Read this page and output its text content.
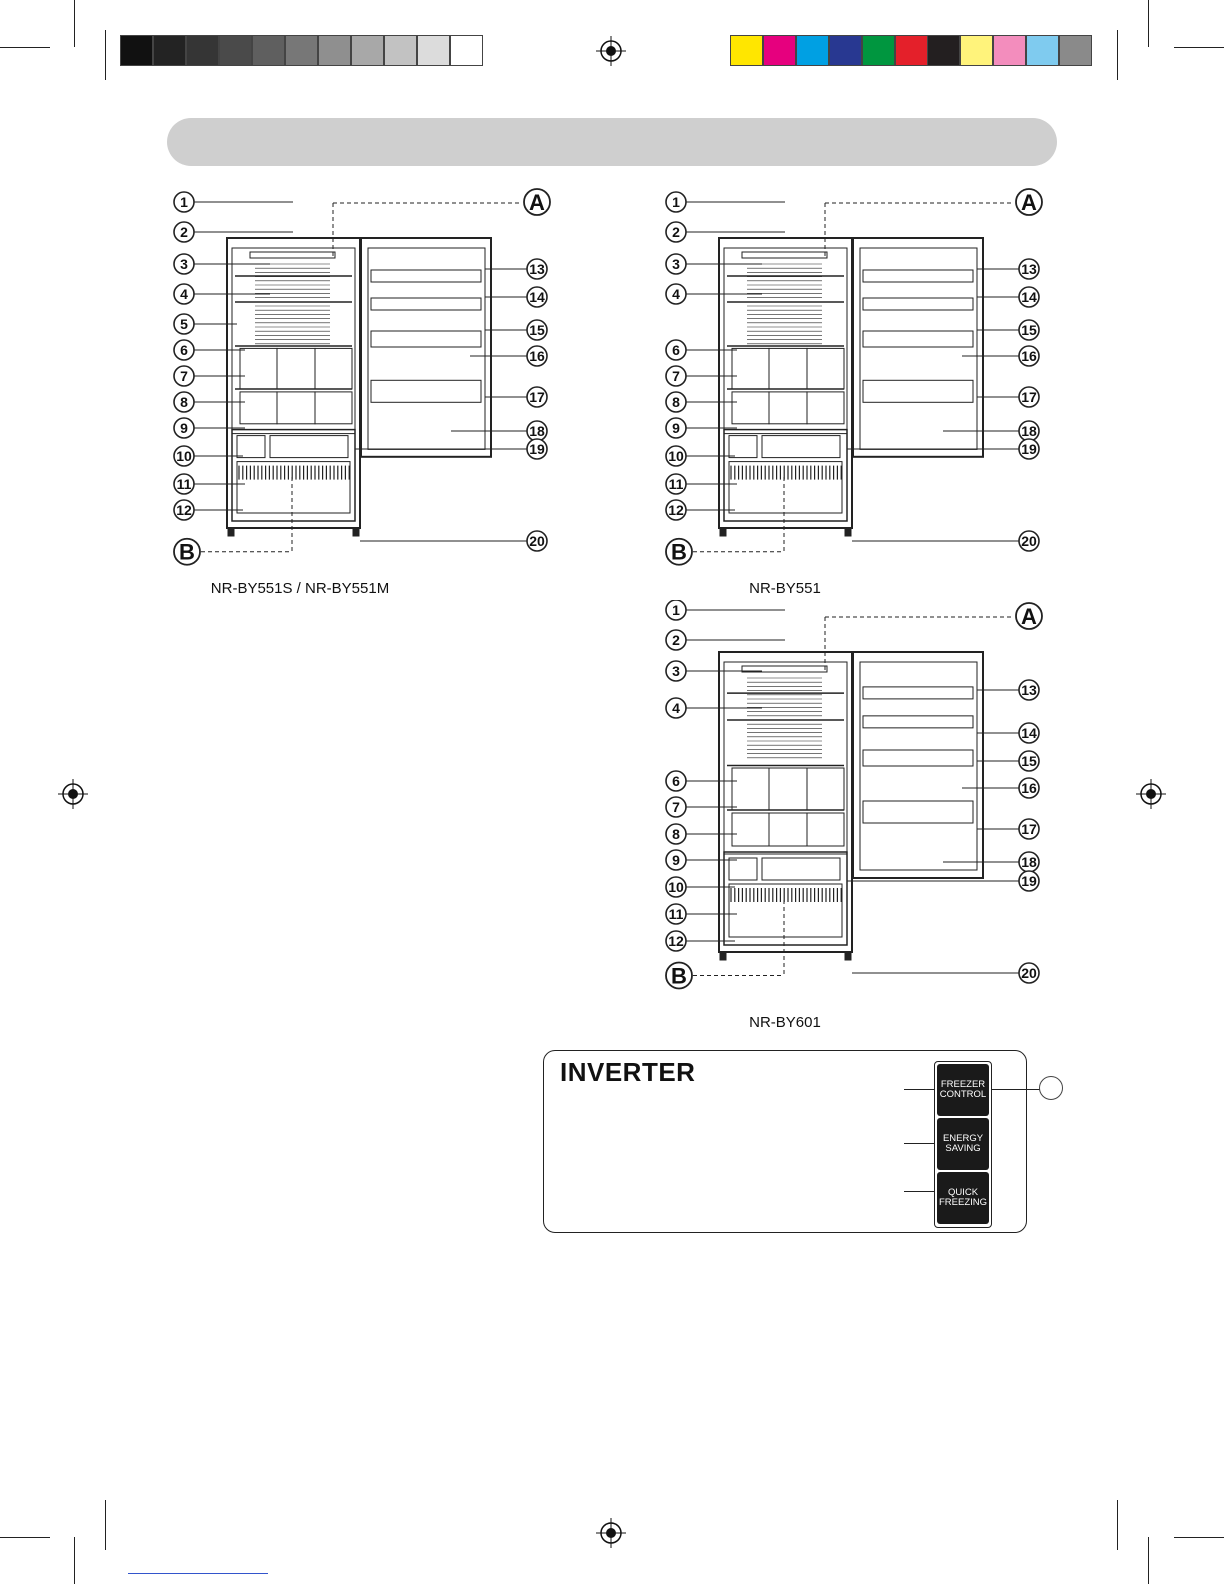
A
B
1
2
3
4
5
6
7
8
9
10
11
12
13
14
15
16
17
18
19
20
A
B
1
2
3
4
6
7
8
9
10
11
12
13
14
15
16
17
18
19
20
A
B
1
2
3
4
6
7
8
9
10
11
12
13
14
15
16
17
18
19
20
NR-BY551S / NR-BY551M	NR-BY551
NR-BY601
INVERTER	FREEZER
CONTROL
ENERGY
SAVING
QUICK
FREEZING
